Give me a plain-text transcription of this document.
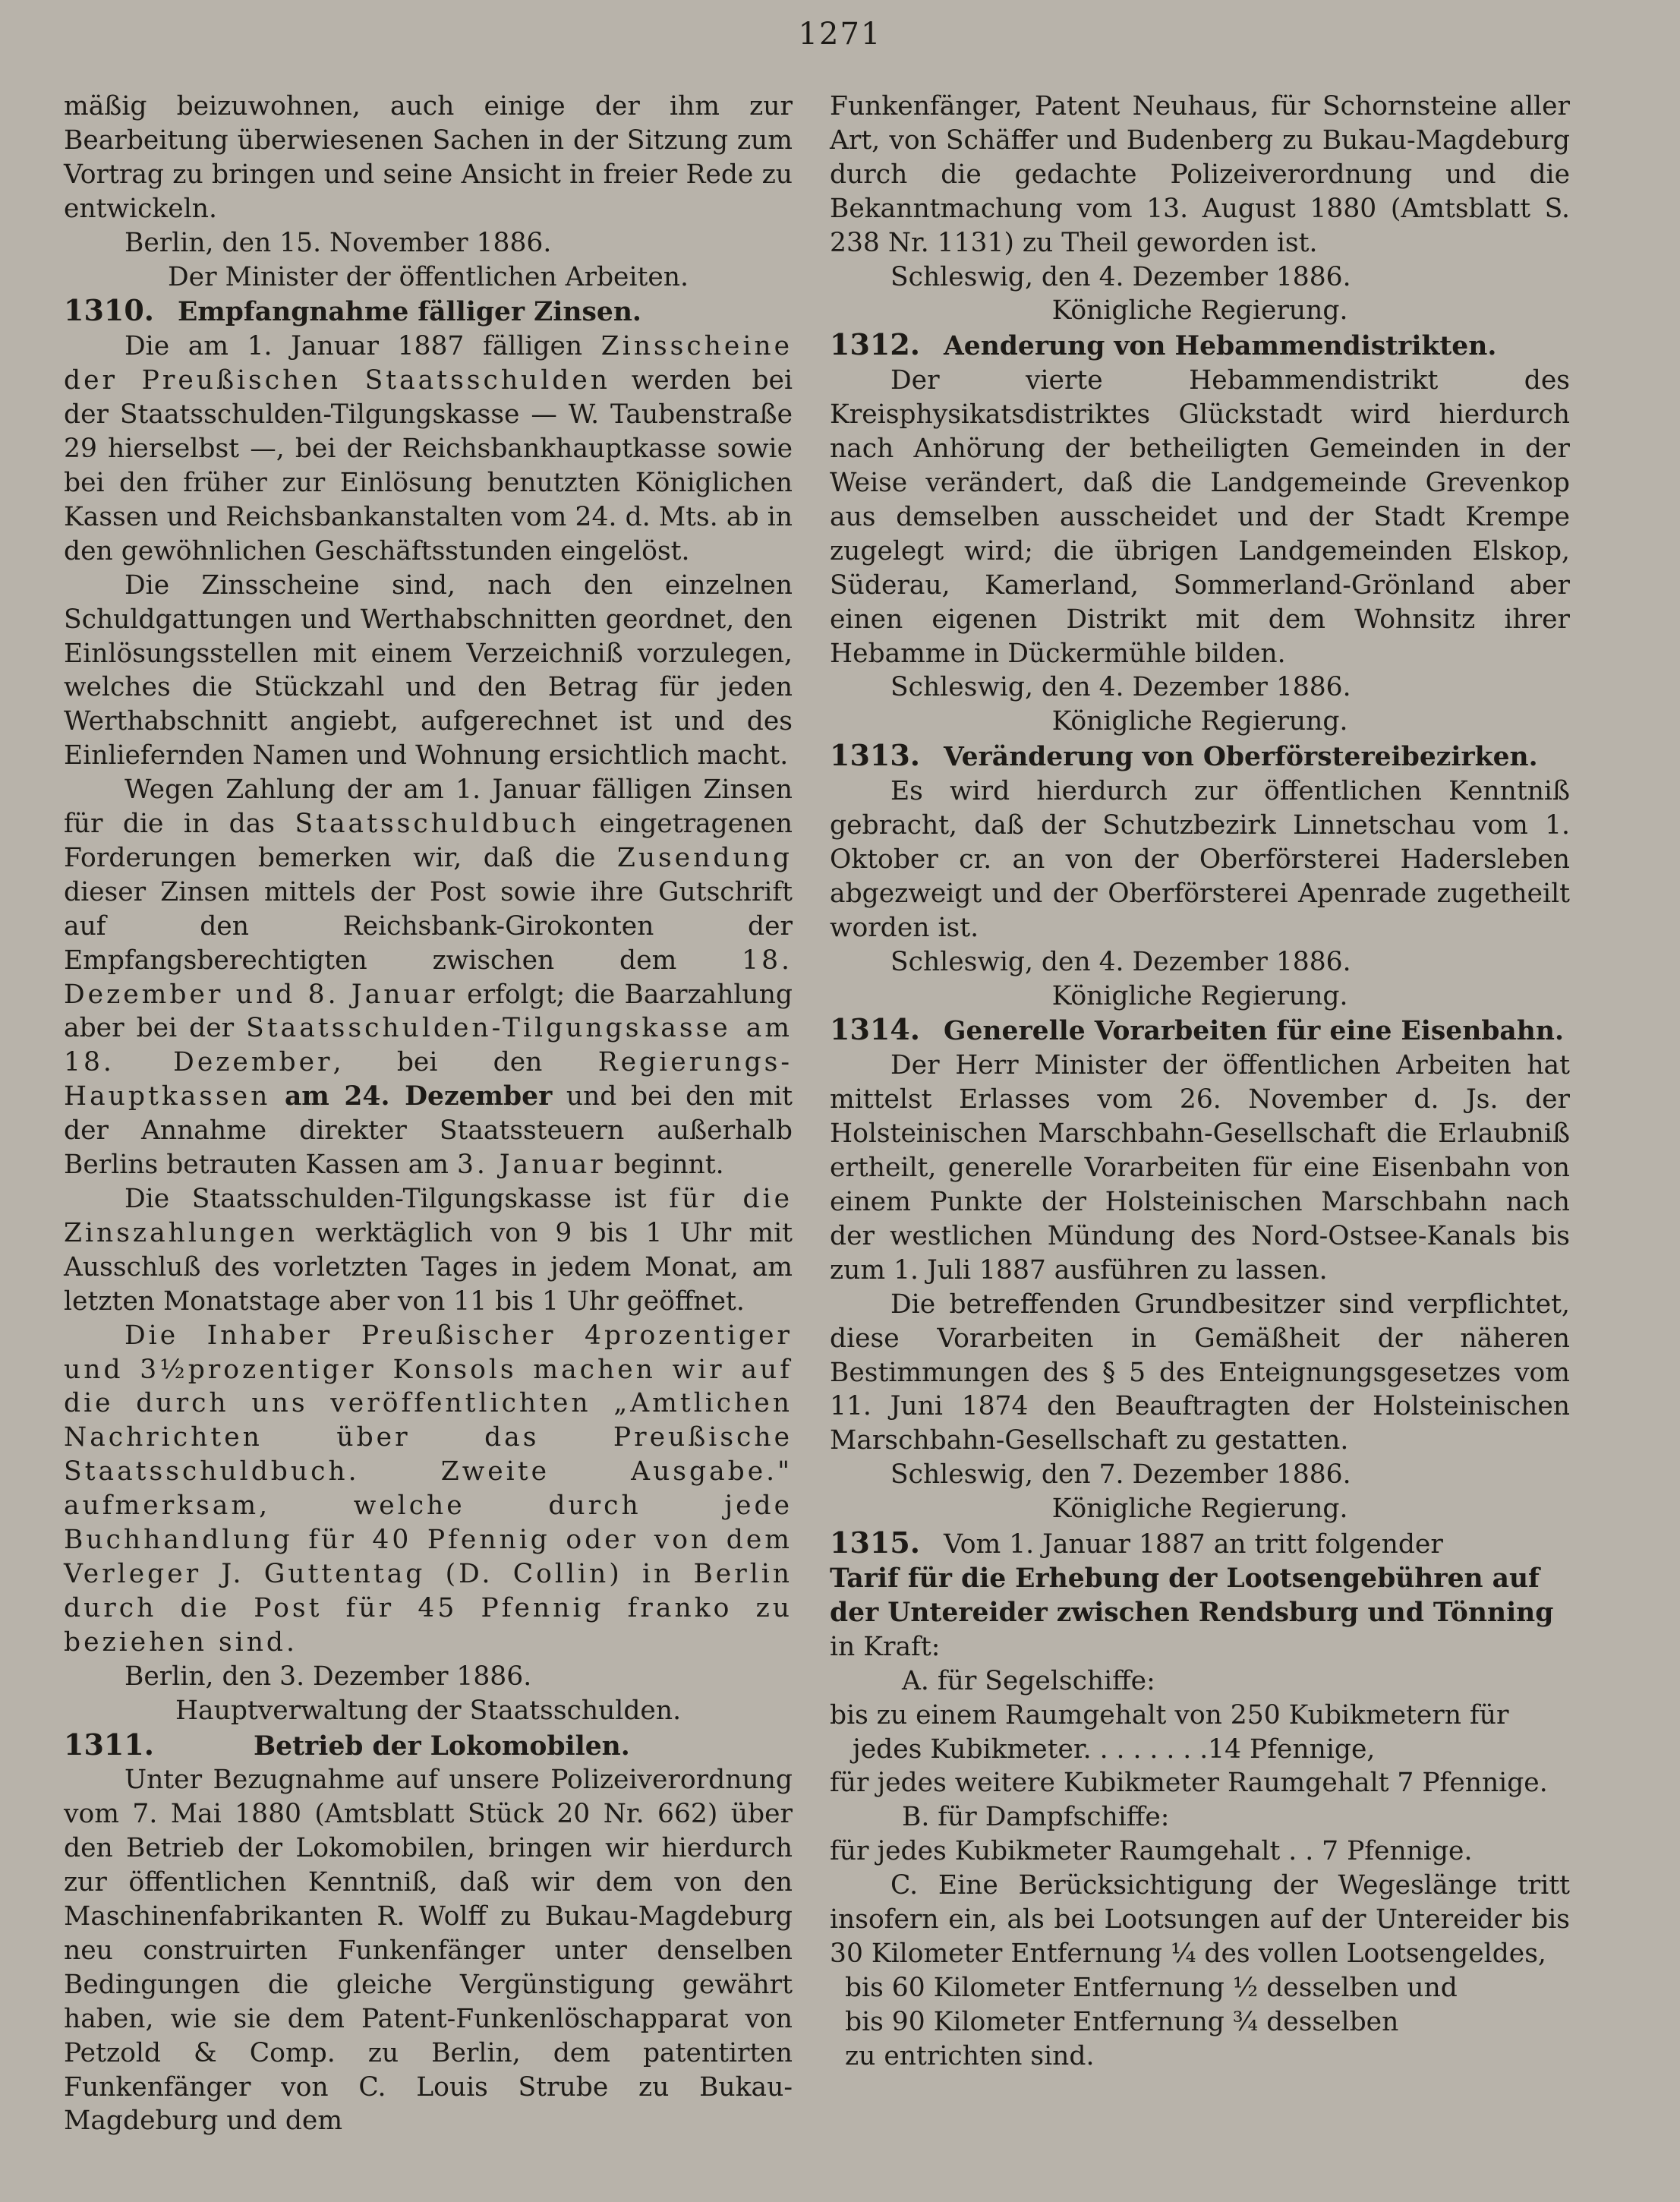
1271

mäßig beizuwohnen, auch einige der ihm zur Bearbeitung überwiesenen Sachen in der Sitzung zum Vortrag zu bringen und seine Ansicht in freier Rede zu entwickeln.

Berlin, den 15. November 1886.

Der Minister der öffentlichen Arbeiten.

1310. Empfangnahme fälliger Zinsen.

Die am 1. Januar 1887 fälligen Zinsscheine der Preußischen Staatsschulden werden bei der Staatsschulden-Tilgungskasse — W. Taubenstraße 29 hierselbst —, bei der Reichsbankhauptkasse sowie bei den früher zur Einlösung benutzten Königlichen Kassen und Reichsbankanstalten vom 24. d. Mts. ab in den gewöhnlichen Geschäftsstunden eingelöst.

Die Zinsscheine sind, nach den einzelnen Schuldgattungen und Werthabschnitten geordnet, den Einlösungsstellen mit einem Verzeichniß vorzulegen, welches die Stückzahl und den Betrag für jeden Werthabschnitt angiebt, aufgerechnet ist und des Einliefernden Namen und Wohnung ersichtlich macht.

Wegen Zahlung der am 1. Januar fälligen Zinsen für die in das Staatsschuldbuch eingetragenen Forderungen bemerken wir, daß die Zusendung dieser Zinsen mittels der Post sowie ihre Gutschrift auf den Reichsbank-Girokonten der Empfangsberechtigten zwischen dem 18. Dezember und 8. Januar erfolgt; die Baarzahlung aber bei der Staatsschulden-Tilgungskasse am 18. Dezember, bei den Regierungs-Hauptkassen am 24. Dezember und bei den mit der Annahme direkter Staatssteuern außerhalb Berlins betrauten Kassen am 3. Januar beginnt.

Die Staatsschulden-Tilgungskasse ist für die Zinszahlungen werktäglich von 9 bis 1 Uhr mit Ausschluß des vorletzten Tages in jedem Monat, am letzten Monatstage aber von 11 bis 1 Uhr geöffnet.

Die Inhaber Preußischer 4prozentiger und 3½prozentiger Konsols machen wir auf die durch uns veröffentlichten „Amtlichen Nachrichten über das Preußische Staatsschuldbuch. Zweite Ausgabe." aufmerksam, welche durch jede Buchhandlung für 40 Pfennig oder von dem Verleger J. Guttentag (D. Collin) in Berlin durch die Post für 45 Pfennig franko zu beziehen sind.

Berlin, den 3. Dezember 1886.

Hauptverwaltung der Staatsschulden.

1311.	Betrieb der Lokomobilen.

Unter Bezugnahme auf unsere Polizeiverordnung vom 7. Mai 1880 (Amtsblatt Stück 20 Nr. 662) über den Betrieb der Lokomobilen, bringen wir hierdurch zur öffentlichen Kenntniß, daß wir dem von den Maschinenfabrikanten R. Wolff zu Bukau-Magdeburg neu construirten Funkenfänger unter denselben Bedingungen die gleiche Vergünstigung gewährt haben, wie sie dem Patent-Funkenlöschapparat von Petzold & Comp. zu Berlin, dem patentirten Funkenfänger von C. Louis Strube zu Bukau-Magdeburg und dem

Funkenfänger, Patent Neuhaus, für Schornsteine aller Art, von Schäffer und Budenberg zu Bukau-Magdeburg durch die gedachte Polizeiverordnung und die Bekanntmachung vom 13. August 1880 (Amtsblatt S. 238 Nr. 1131) zu Theil geworden ist.

Schleswig, den 4. Dezember 1886.

Königliche Regierung.

1312. Aenderung von Hebammendistrikten.

Der vierte Hebammendistrikt des Kreisphysikatsdistriktes Glückstadt wird hierdurch nach Anhörung der betheiligten Gemeinden in der Weise verändert, daß die Landgemeinde Grevenkop aus demselben ausscheidet und der Stadt Krempe zugelegt wird; die übrigen Landgemeinden Elskop, Süderau, Kamerland, Sommerland-Grönland aber einen eigenen Distrikt mit dem Wohnsitz ihrer Hebamme in Dückermühle bilden.

Schleswig, den 4. Dezember 1886.

Königliche Regierung.

1313. Veränderung von Oberförstereibezirken.

Es wird hierdurch zur öffentlichen Kenntniß gebracht, daß der Schutzbezirk Linnetschau vom 1. Oktober cr. an von der Oberförsterei Hadersleben abgezweigt und der Oberförsterei Apenrade zugetheilt worden ist.

Schleswig, den 4. Dezember 1886.

Königliche Regierung.

1314. Generelle Vorarbeiten für eine Eisenbahn.

Der Herr Minister der öffentlichen Arbeiten hat mittelst Erlasses vom 26. November d. Js. der Holsteinischen Marschbahn-Gesellschaft die Erlaubniß ertheilt, generelle Vorarbeiten für eine Eisenbahn von einem Punkte der Holsteinischen Marschbahn nach der westlichen Mündung des Nord-Ostsee-Kanals bis zum 1. Juli 1887 ausführen zu lassen.

Die betreffenden Grundbesitzer sind verpflichtet, diese Vorarbeiten in Gemäßheit der näheren Bestimmungen des § 5 des Enteignungsgesetzes vom 11. Juni 1874 den Beauftragten der Holsteinischen Marschbahn-Gesellschaft zu gestatten.

Schleswig, den 7. Dezember 1886.

Königliche Regierung.

1315. Vom 1. Januar 1887 an tritt folgender

Tarif für die Erhebung der Lootsengebühren auf der Untereider zwischen Rendsburg und Tönning

in Kraft:

A. für Segelschiffe:
bis zu einem Raumgehalt von 250 Kubikmetern für
jedes Kubikmeter. . . . . . . .14 Pfennige,
für jedes weitere Kubikmeter Raumgehalt 7 Pfennige.
B. für Dampfschiffe:
für jedes Kubikmeter Raumgehalt . . 7 Pfennige.

C. Eine Berücksichtigung der Wegeslänge tritt insofern ein, als bei Lootsungen auf der Untereider bis 30 Kilometer Entfernung ¼ des vollen Lootsengeldes,

bis 60 Kilometer Entfernung ½ desselben und
bis 90 Kilometer Entfernung ¾ desselben
zu entrichten sind.
